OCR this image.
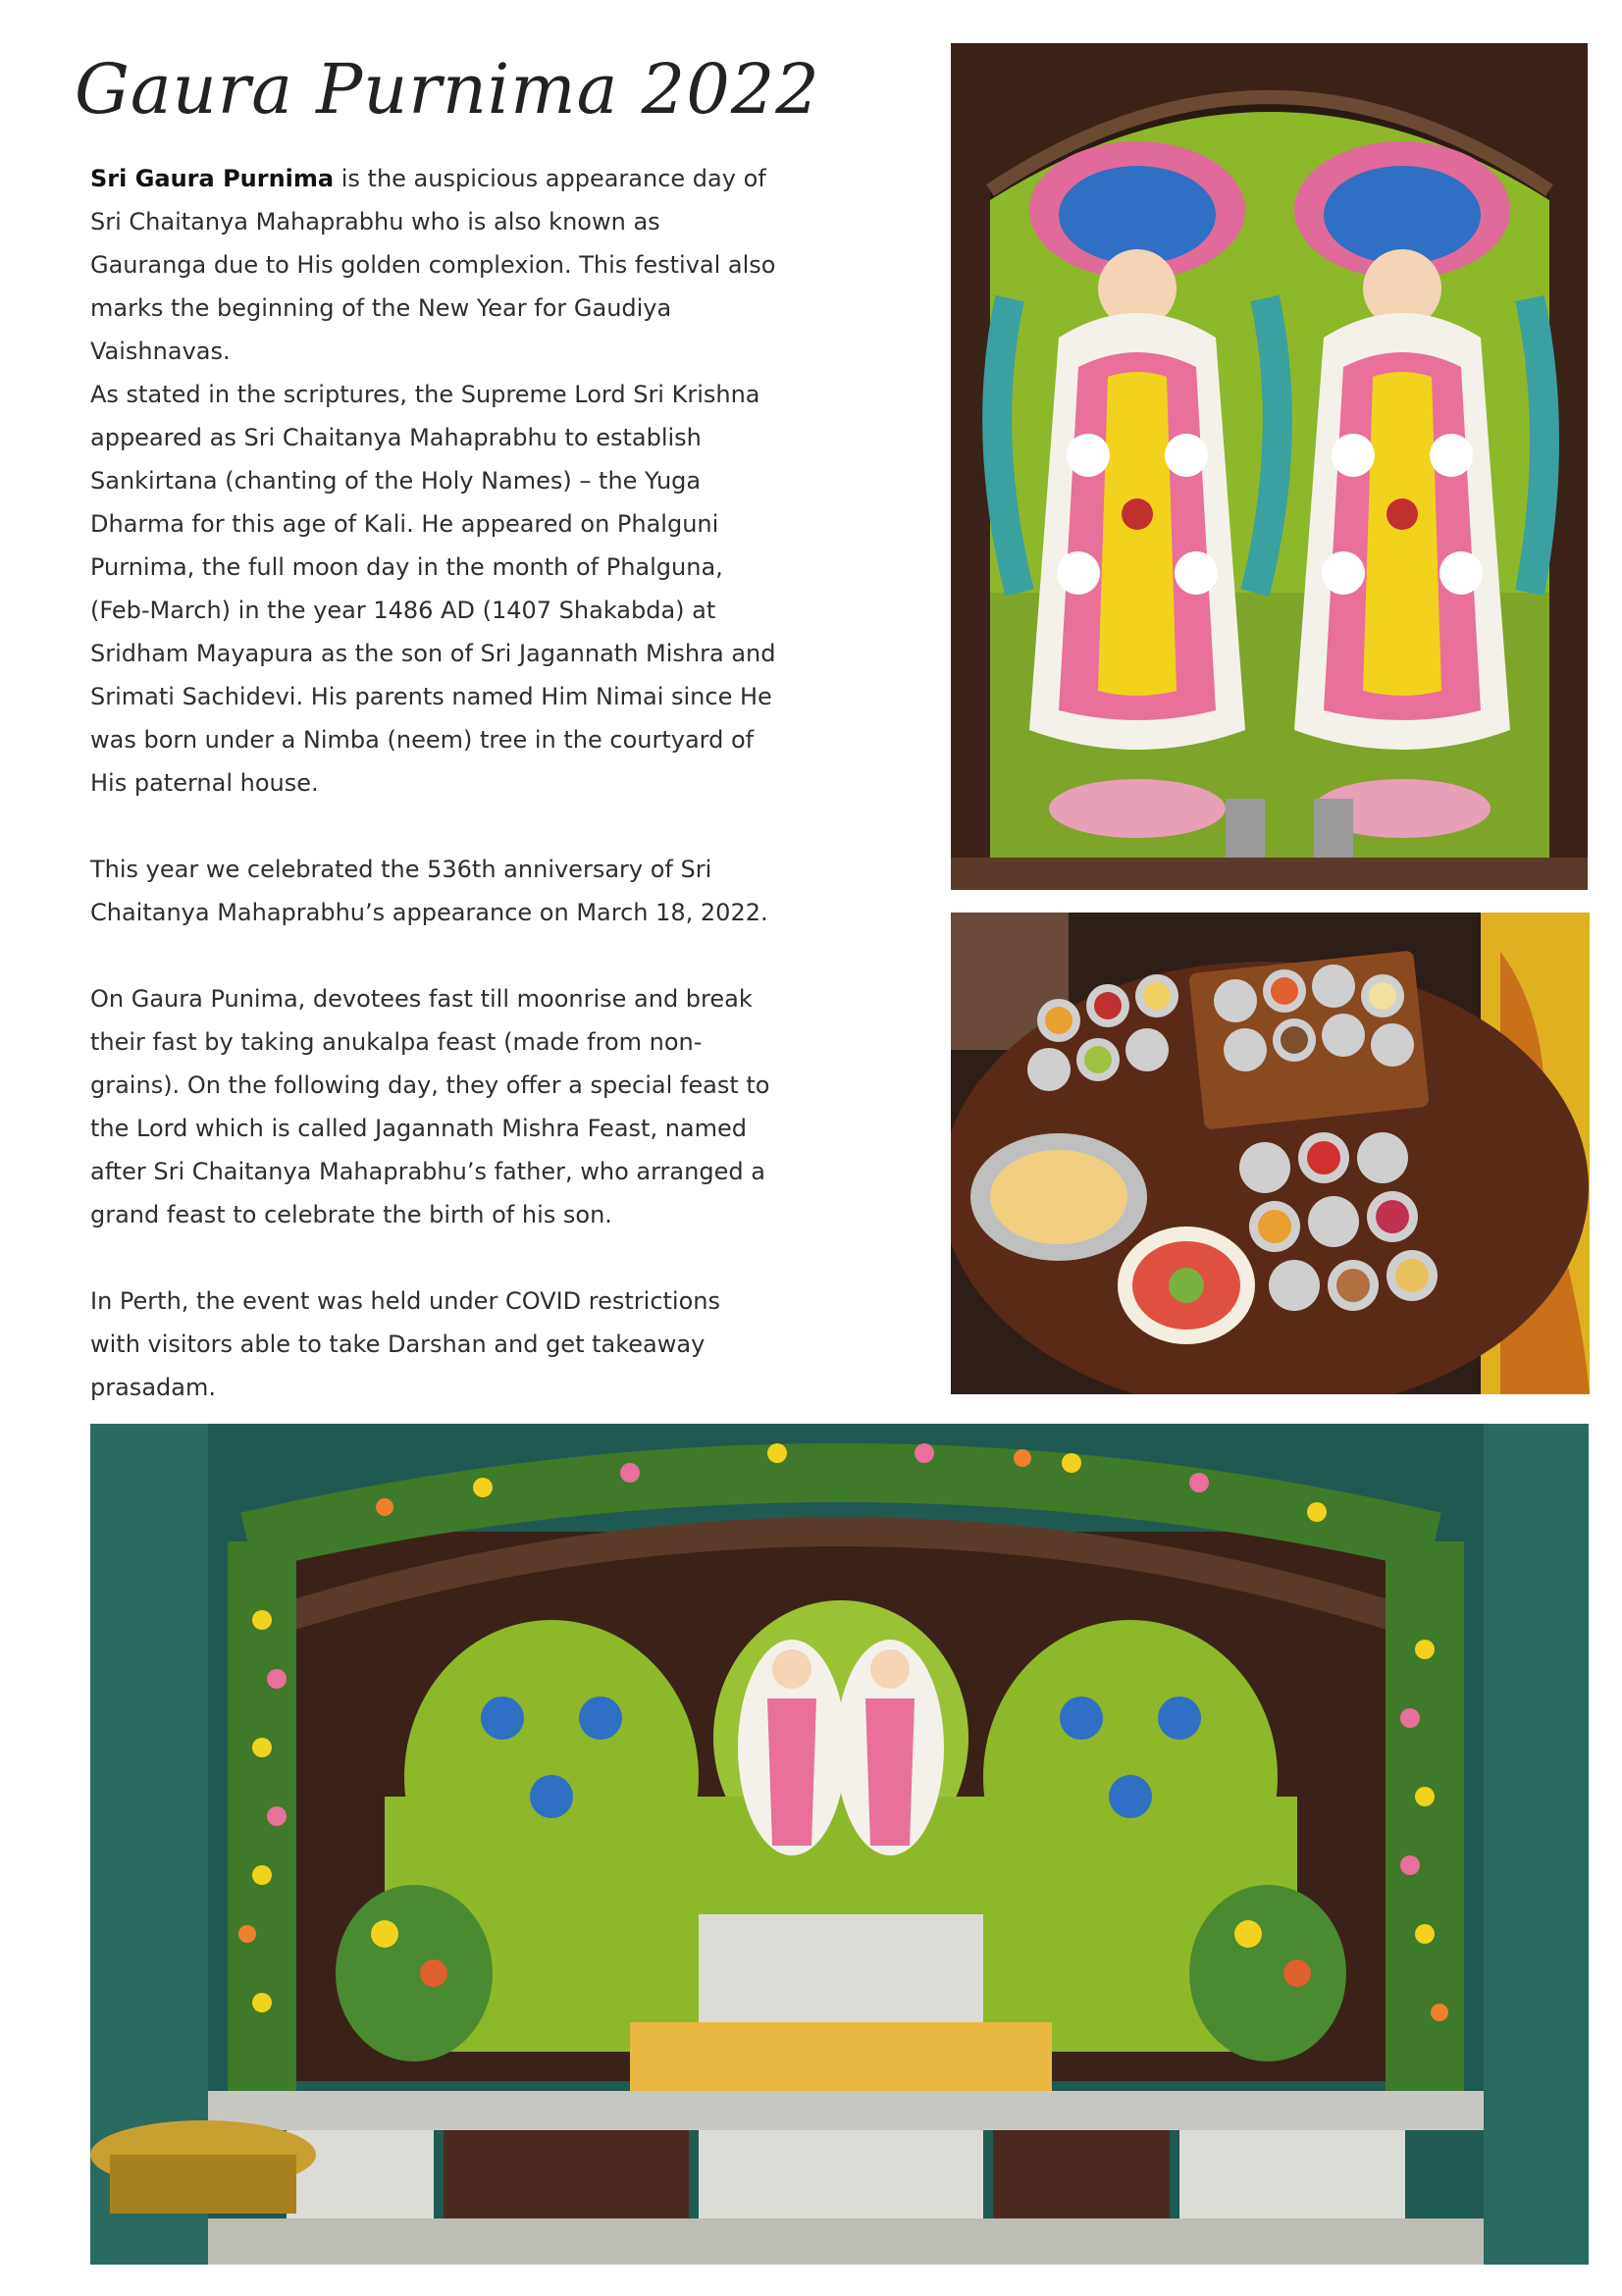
Gaura Purnima 2022

Sri Gaura Purnima is the auspicious appearance day of Sri Chaitanya Mahaprabhu who is also known as Gauranga due to His golden complexion. This festival also marks the beginning of the New Year for Gaudiya Vaishnavas.

As stated in the scriptures, the Supreme Lord Sri Krishna appeared as Sri Chaitanya Mahaprabhu to establish Sankirtana (chanting of the Holy Names) – the Yuga Dharma for this age of Kali. He appeared on Phalguni Purnima, the full moon day in the month of Phalguna, (Feb-March) in the year 1486 AD (1407 Shakabda) at Sridham Mayapura as the son of Sri Jagannath Mishra and Srimati Sachidevi. His parents named Him Nimai since He was born under a Nimba (neem) tree in the courtyard of His paternal house.

This year we celebrated the 536th anniversary of Sri Chaitanya Mahaprabhu’s appearance on March 18, 2022.

On Gaura Punima, devotees fast till moonrise and break their fast by taking anukalpa feast (made from non-grains). On the following day, they offer a special feast to the Lord which is called Jagannath Mishra Feast, named after Sri Chaitanya Mahaprabhu’s father, who arranged a grand feast to celebrate the birth of his son.

In Perth, the event was held under COVID restrictions with visitors able to take Darshan and get takeaway prasadam.
